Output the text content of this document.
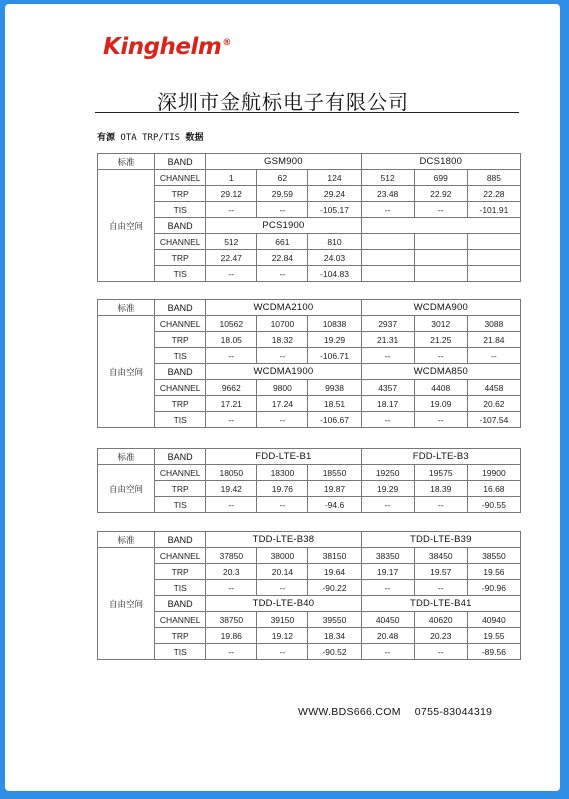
Kinghelm®
深圳市金航标电子有限公司
有源 OTA TRP/TIS 数据
标准	BAND	GSM900			DCS1800		
自由空间	CHANNEL	1	62	124	512	699	885
	TRP	29.12	29.59	29.24	23.48	22.92	22.28
	TIS	--	--	-105.17	--	--	-101.91
	BAND	PCS1900					
	CHANNEL	512	661	810			
	TRP	22.47	22.84	24.03			
	TIS	--	--	-104.83			
标准	BAND	WCDMA2100			WCDMA900		
自由空间	CHANNEL	10562	10700	10838	2937	3012	3088
	TRP	18.05	18.32	19.29	21.31	21.25	21.84
	TIS	--	--	-106.71	--	--	--
	BAND	WCDMA1900			WCDMA850		
	CHANNEL	9662	9800	9938	4357	4408	4458
	TRP	17.21	17.24	18.51	18.17	19.09	20.62
	TIS	--	--	-106.67	--	--	-107.54
标准	BAND	FDD-LTE-B1			FDD-LTE-B3		
自由空间	CHANNEL	18050	18300	18550	19250	19575	19900
	TRP	19.42	19.76	19.87	19.29	18.39	16.68
	TIS	--	--	-94.6	--	--	-90.55
标准	BAND	TDD-LTE-B38			TDD-LTE-B39		
自由空间	CHANNEL	37850	38000	38150	38350	38450	38550
	TRP	20.3	20.14	19.64	19.17	19.57	19.56
	TIS	--	--	-90.22	--	--	-90.96
	BAND	TDD-LTE-B40			TDD-LTE-B41		
	CHANNEL	38750	39150	39550	40450	40620	40940
	TRP	19.86	19.12	18.34	20.48	20.23	19.55
	TIS	--	--	-90.52	--	--	-89.56
WWW.BDS666.COM 0755-83044319
